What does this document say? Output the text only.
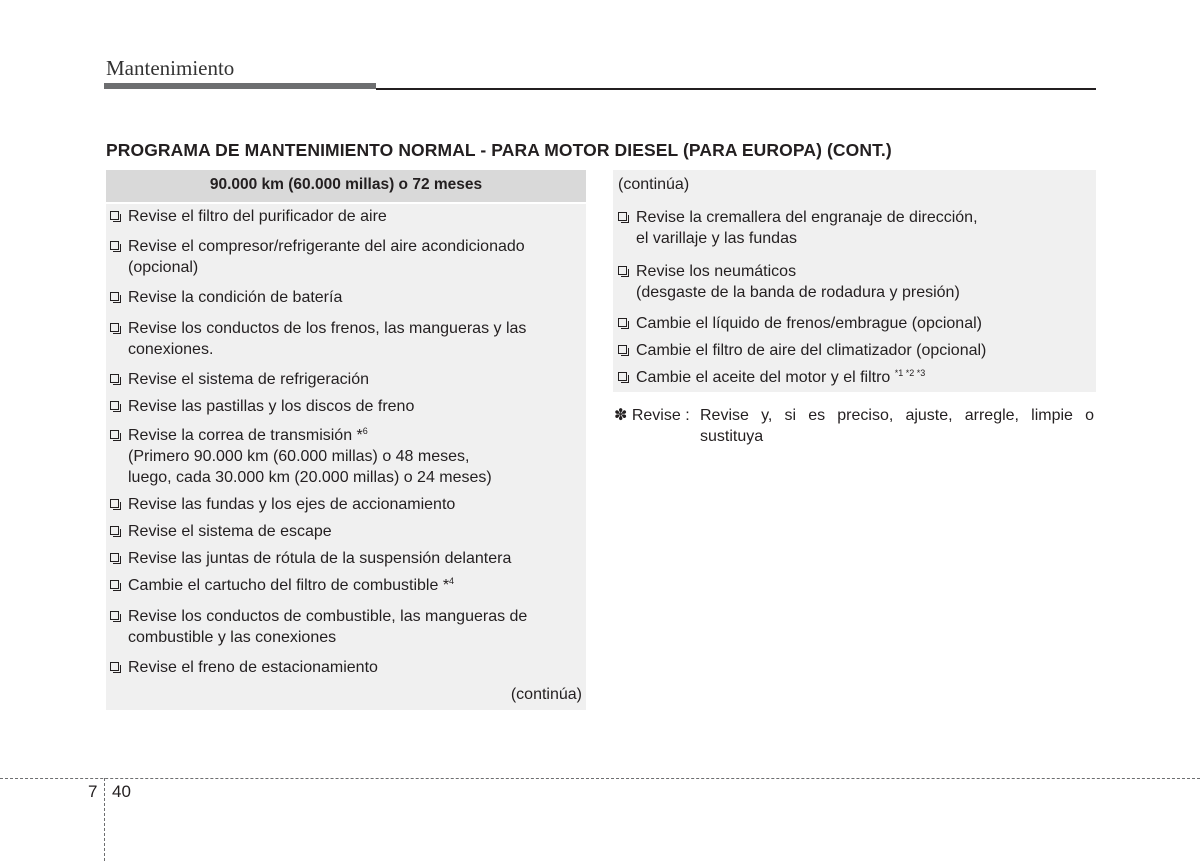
Mantenimiento
PROGRAMA DE MANTENIMIENTO NORMAL - PARA MOTOR DIESEL (PARA EUROPA) (CONT.)
90.000 km (60.000 millas) o 72 meses
(continúa)
(continúa)
✽ Revise : Revise y, si es preciso, ajuste, arregle, limpie o sustituya
7 40
Revise el filtro del purificador de aire
Revise el compresor/refrigerante del aire acondicionado
(opcional)
Revise la condición de batería
Revise los conductos de los frenos, las mangueras y las
conexiones.
Revise el sistema de refrigeración
Revise las pastillas y los discos de freno
Revise la correa de transmisión *$^6$
(Primero 90.000 km (60.000 millas) o 48 meses,
luego, cada 30.000 km (20.000 millas) o 24 meses)
Revise las fundas y los ejes de accionamiento
Revise el sistema de escape
Revise las juntas de rótula de la suspensión delantera
Cambie el cartucho del filtro de combustible *$^4$
Revise los conductos de combustible, las mangueras de
combustible y las conexiones
Revise el freno de estacionamiento
Revise la cremallera del engranaje de dirección,
el varillaje y las fundas
Revise los neumáticos
(desgaste de la banda de rodadura y presión)
Cambie el líquido de frenos/embrague (opcional)
Cambie el filtro de aire del climatizador (opcional)
Cambie el aceite del motor y el filtro $^{*1 *2 *3}$
